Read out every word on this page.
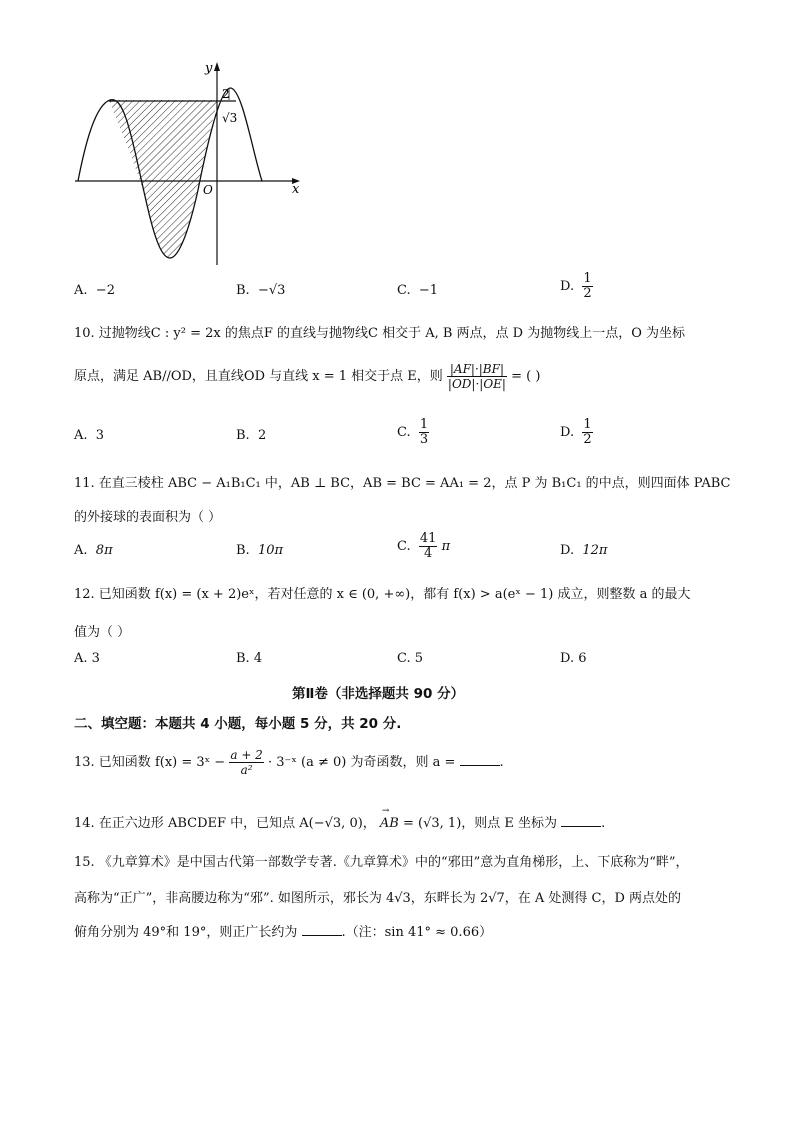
y
x
O
2
√3
A. −2	B. −√3	C. −1	D. $\frac{1}{2}$
10. 过抛物线C : y² = 2x 的焦点F 的直线与抛物线C 相交于 A, B 两点，点 D 为抛物线上一点，O 为坐标
原点，满足 AB//OD，且直线OD 与直线 x = 1 相交于点 E，则 $\frac{|AF|\cdot|BF|}{|OD|\cdot|OE|}$ = ( )
A. 3	B. 2	C. $\frac{1}{3}$	D. $\frac{1}{2}$
11. 在直三棱柱 ABC − A₁B₁C₁ 中，AB ⊥ BC，AB = BC = AA₁ = 2，点 P 为 B₁C₁ 的中点，则四面体 PABC
的外接球的表面积为（ ）
A. 8π	B. 10π	C. $\frac{41}{4}$ π	D. 12π
12. 已知函数 f(x) = (x + 2)eˣ，若对任意的 x ∈ (0, +∞)，都有 f(x) > a(eˣ − 1) 成立，则整数 a 的最大
值为（ ）
A. 3	B. 4	C. 5	D. 6
第Ⅱ卷（非选择题共 90 分）
二、填空题：本题共 4 小题，每小题 5 分，共 20 分.
13. 已知函数 f(x) = 3ˣ − $\frac{a + 2}{\text{a²}}$ · 3⁻ˣ (a ≠ 0) 为奇函数，则 a =	.
14. 在正六边形 ABCDEF 中，已知点 A(−√3, 0)，
→
AB = (√3, 1)，则点 E 坐标为	.
15. 《九章算术》是中国古代第一部数学专著.《九章算术》中的“邪田”意为直角梯形，上、下底称为“畔”，
高称为“正广”，非高腰边称为“邪”. 如图所示，邪长为 4√3，东畔长为 2√7，在 A 处测得 C，D 两点处的
俯角分别为 49°和 19°，则正广长约为	.（注：sin 41° ≈ 0.66）
